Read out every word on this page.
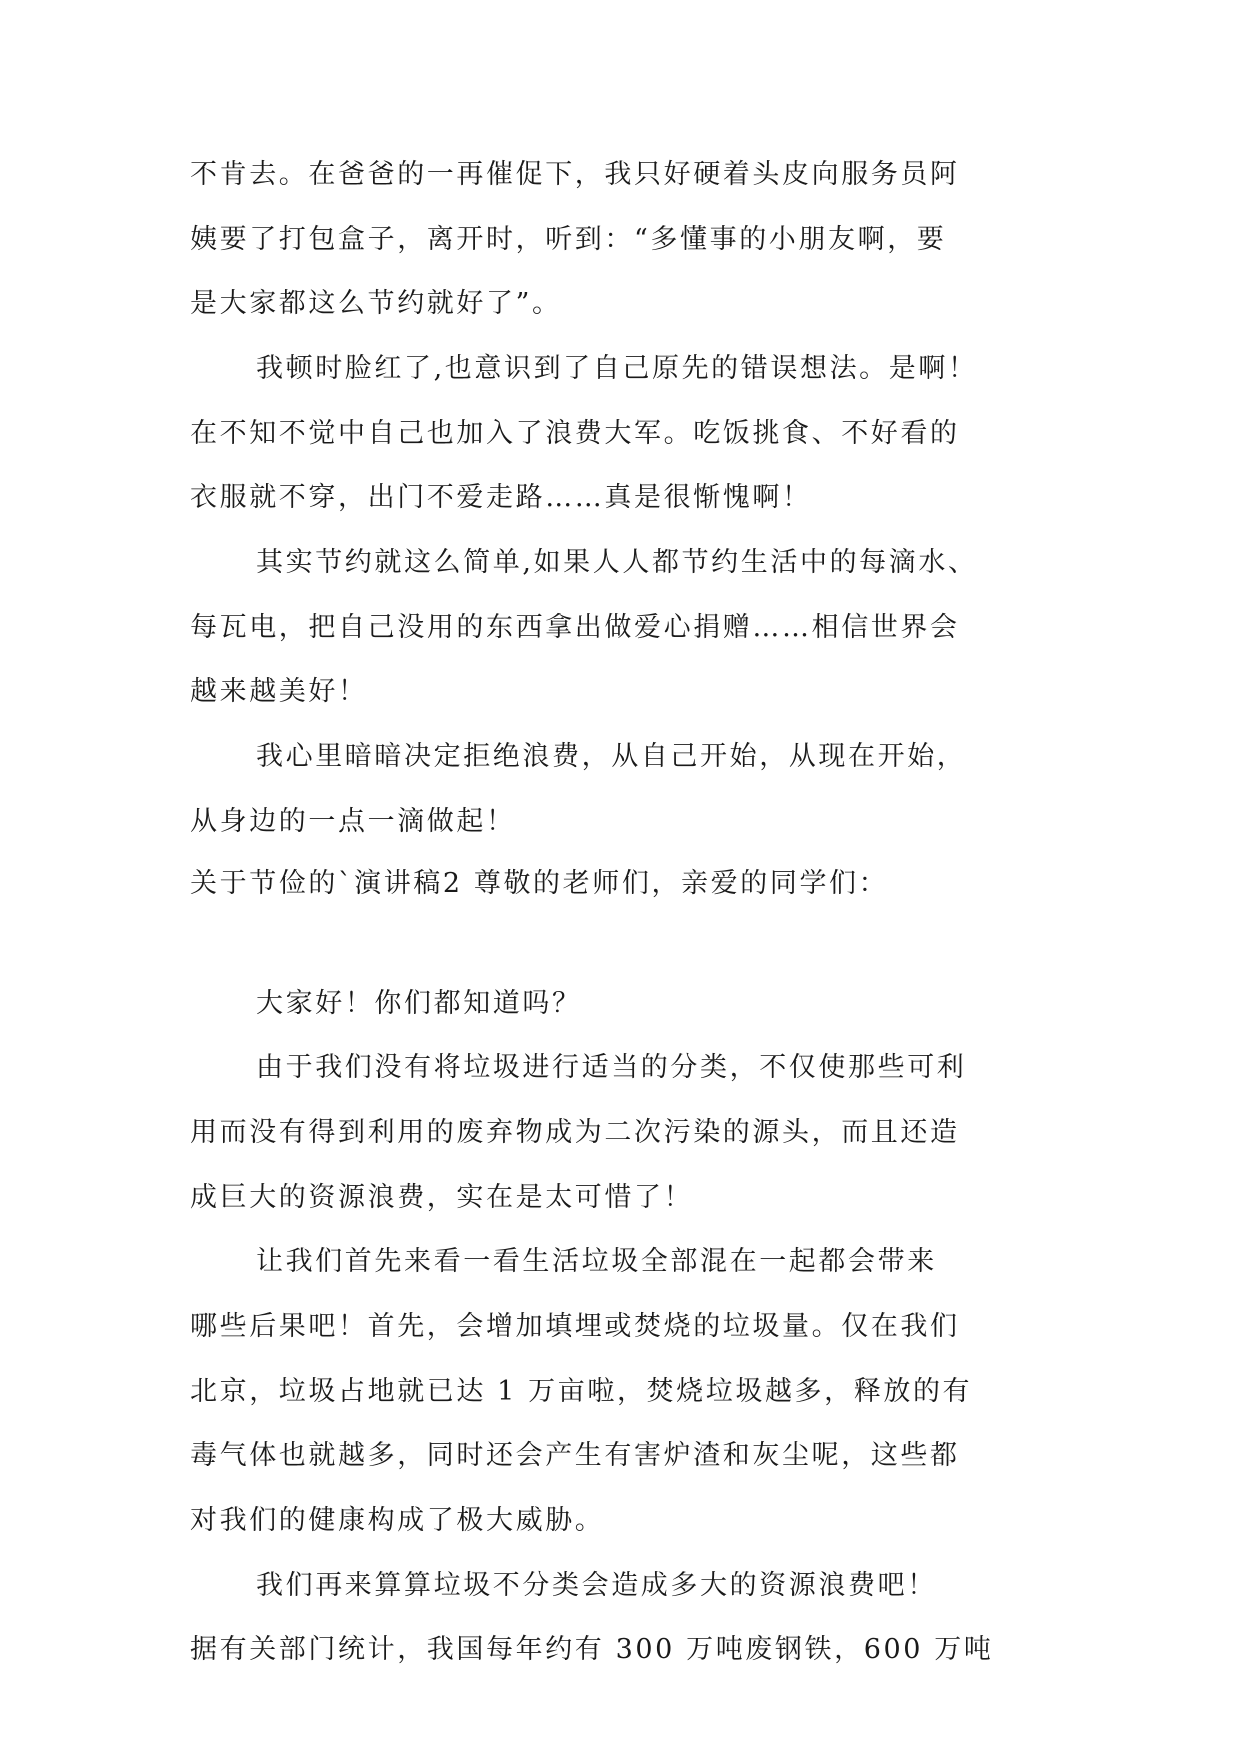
不肯去。在爸爸的一再催促下，我只好硬着头皮向服务员阿
姨要了打包盒子，离开时，听到：“多懂事的小朋友啊，要
是大家都这么节约就好了”。
我顿时脸红了,也意识到了自己原先的错误想法。是啊！
在不知不觉中自己也加入了浪费大军。吃饭挑食、不好看的
衣服就不穿，出门不爱走路……真是很惭愧啊！
其实节约就这么简单,如果人人都节约生活中的每滴水、
每瓦电，把自己没用的东西拿出做爱心捐赠……相信世界会
越来越美好！
我心里暗暗决定拒绝浪费，从自己开始，从现在开始，
从身边的一点一滴做起！
关于节俭的`演讲稿2 尊敬的老师们，亲爱的同学们：
大家好！你们都知道吗？
由于我们没有将垃圾进行适当的分类，不仅使那些可利
用而没有得到利用的废弃物成为二次污染的源头，而且还造
成巨大的资源浪费，实在是太可惜了！
让我们首先来看一看生活垃圾全部混在一起都会带来
哪些后果吧！首先，会增加填埋或焚烧的垃圾量。仅在我们
北京，垃圾占地就已达 1 万亩啦，焚烧垃圾越多，释放的有
毒气体也就越多，同时还会产生有害炉渣和灰尘呢，这些都
对我们的健康构成了极大威胁。
我们再来算算垃圾不分类会造成多大的资源浪费吧！
据有关部门统计，我国每年约有 300 万吨废钢铁，600 万吨
